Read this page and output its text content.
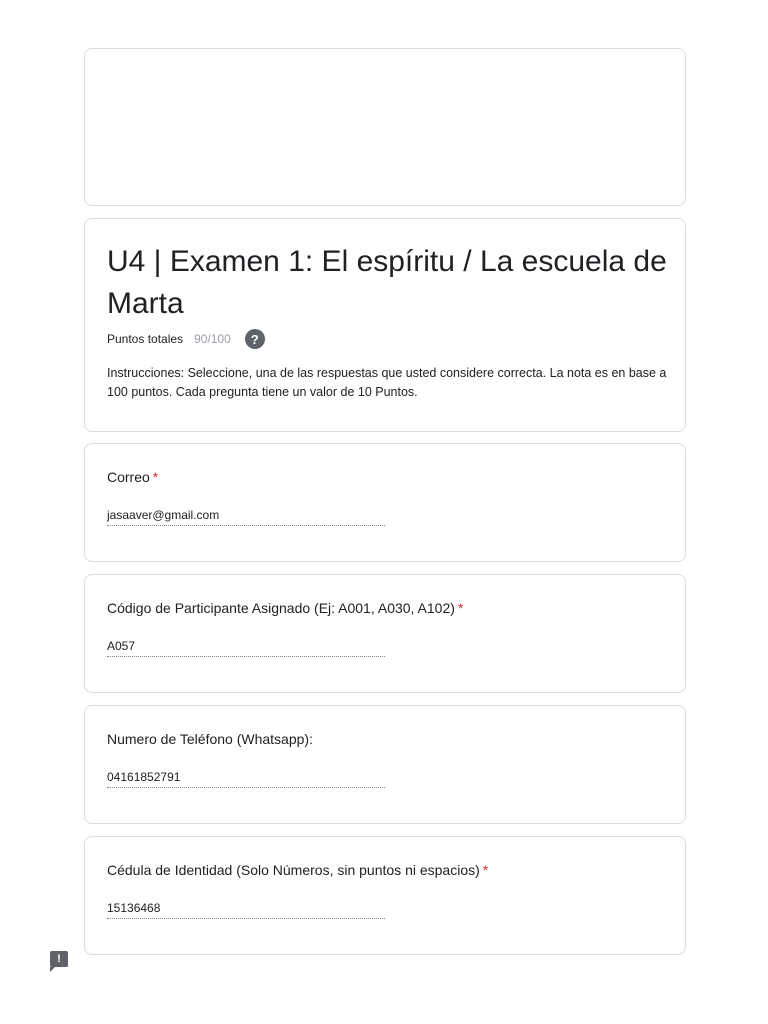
U4 | Examen 1: El espíritu / La escuela de Marta
Puntos totales 90/100	?

Instrucciones: Seleccione, una de las respuestas que usted considere correcta. La nota es en base a 100 puntos. Cada pregunta tiene un valor de 10 Puntos.

Correo *
jasaaver@gmail.com
Código de Participante Asignado (Ej: A001, A030, A102) *
A057
Numero de Teléfono (Whatsapp):
04161852791
Cédula de Identidad (Solo Números, sin puntos ni espacios) *
15136468
!
